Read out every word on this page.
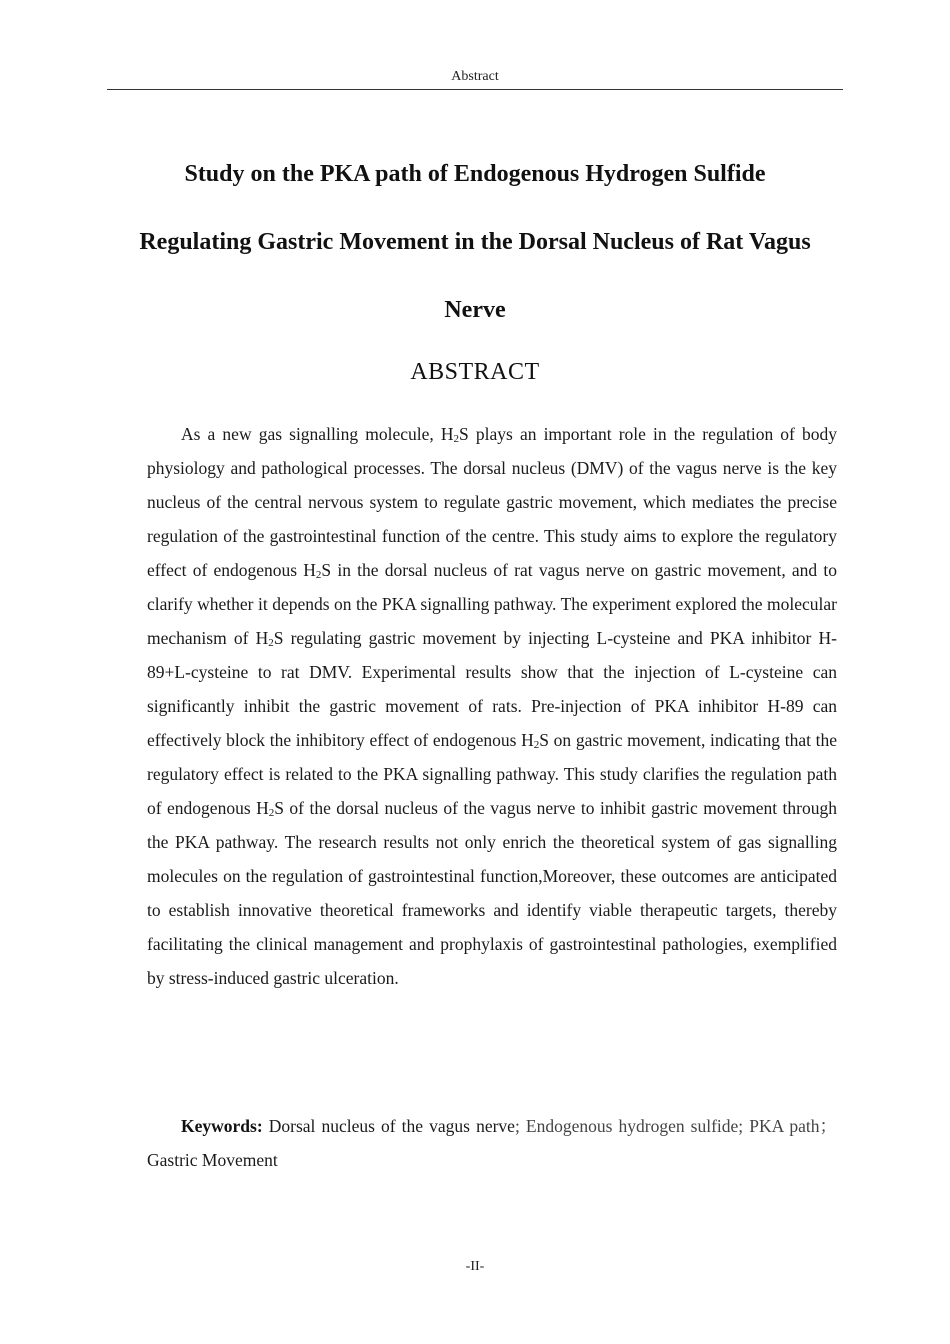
Abstract
Study on the PKA path of Endogenous Hydrogen Sulfide
Regulating Gastric Movement in the Dorsal Nucleus of Rat Vagus
Nerve
ABSTRACT

As a new gas signalling molecule, $H_2S$ plays an important role in the regulation of body physiology and pathological processes. The dorsal nucleus (DMV) of the vagus nerve is the key nucleus of the central nervous system to regulate gastric movement, which mediates the precise regulation of the gastrointestinal function of the centre. This study aims to explore the regulatory effect of endogenous $H_2S$ in the dorsal nucleus of rat vagus nerve on gastric movement, and to clarify whether it depends on the PKA signalling pathway. The experiment explored the molecular mechanism of $H_2S$ regulating gastric movement by injecting L-cysteine and PKA inhibitor H-89+L-cysteine to rat DMV. Experimental results show that the injection of L-cysteine can significantly inhibit the gastric movement of rats. Pre-injection of PKA inhibitor H-89 can effectively block the inhibitory effect of endogenous $H_2S$ on gastric movement, indicating that the regulatory effect is related to the PKA signalling pathway. This study clarifies the regulation path of endogenous $H_2S$ of the dorsal nucleus of the vagus nerve to inhibit gastric movement through the PKA pathway. The research results not only enrich the theoretical system of gas signalling molecules on the regulation of gastrointestinal function,Moreover, these outcomes are anticipated to establish innovative theoretical frameworks and identify viable therapeutic targets, thereby facilitating the clinical management and prophylaxis of gastrointestinal pathologies, exemplified by stress-induced gastric ulceration.

Keywords: Dorsal nucleus of the vagus nerve; Endogenous hydrogen sulfide; PKA path；Gastric Movement

-II-
